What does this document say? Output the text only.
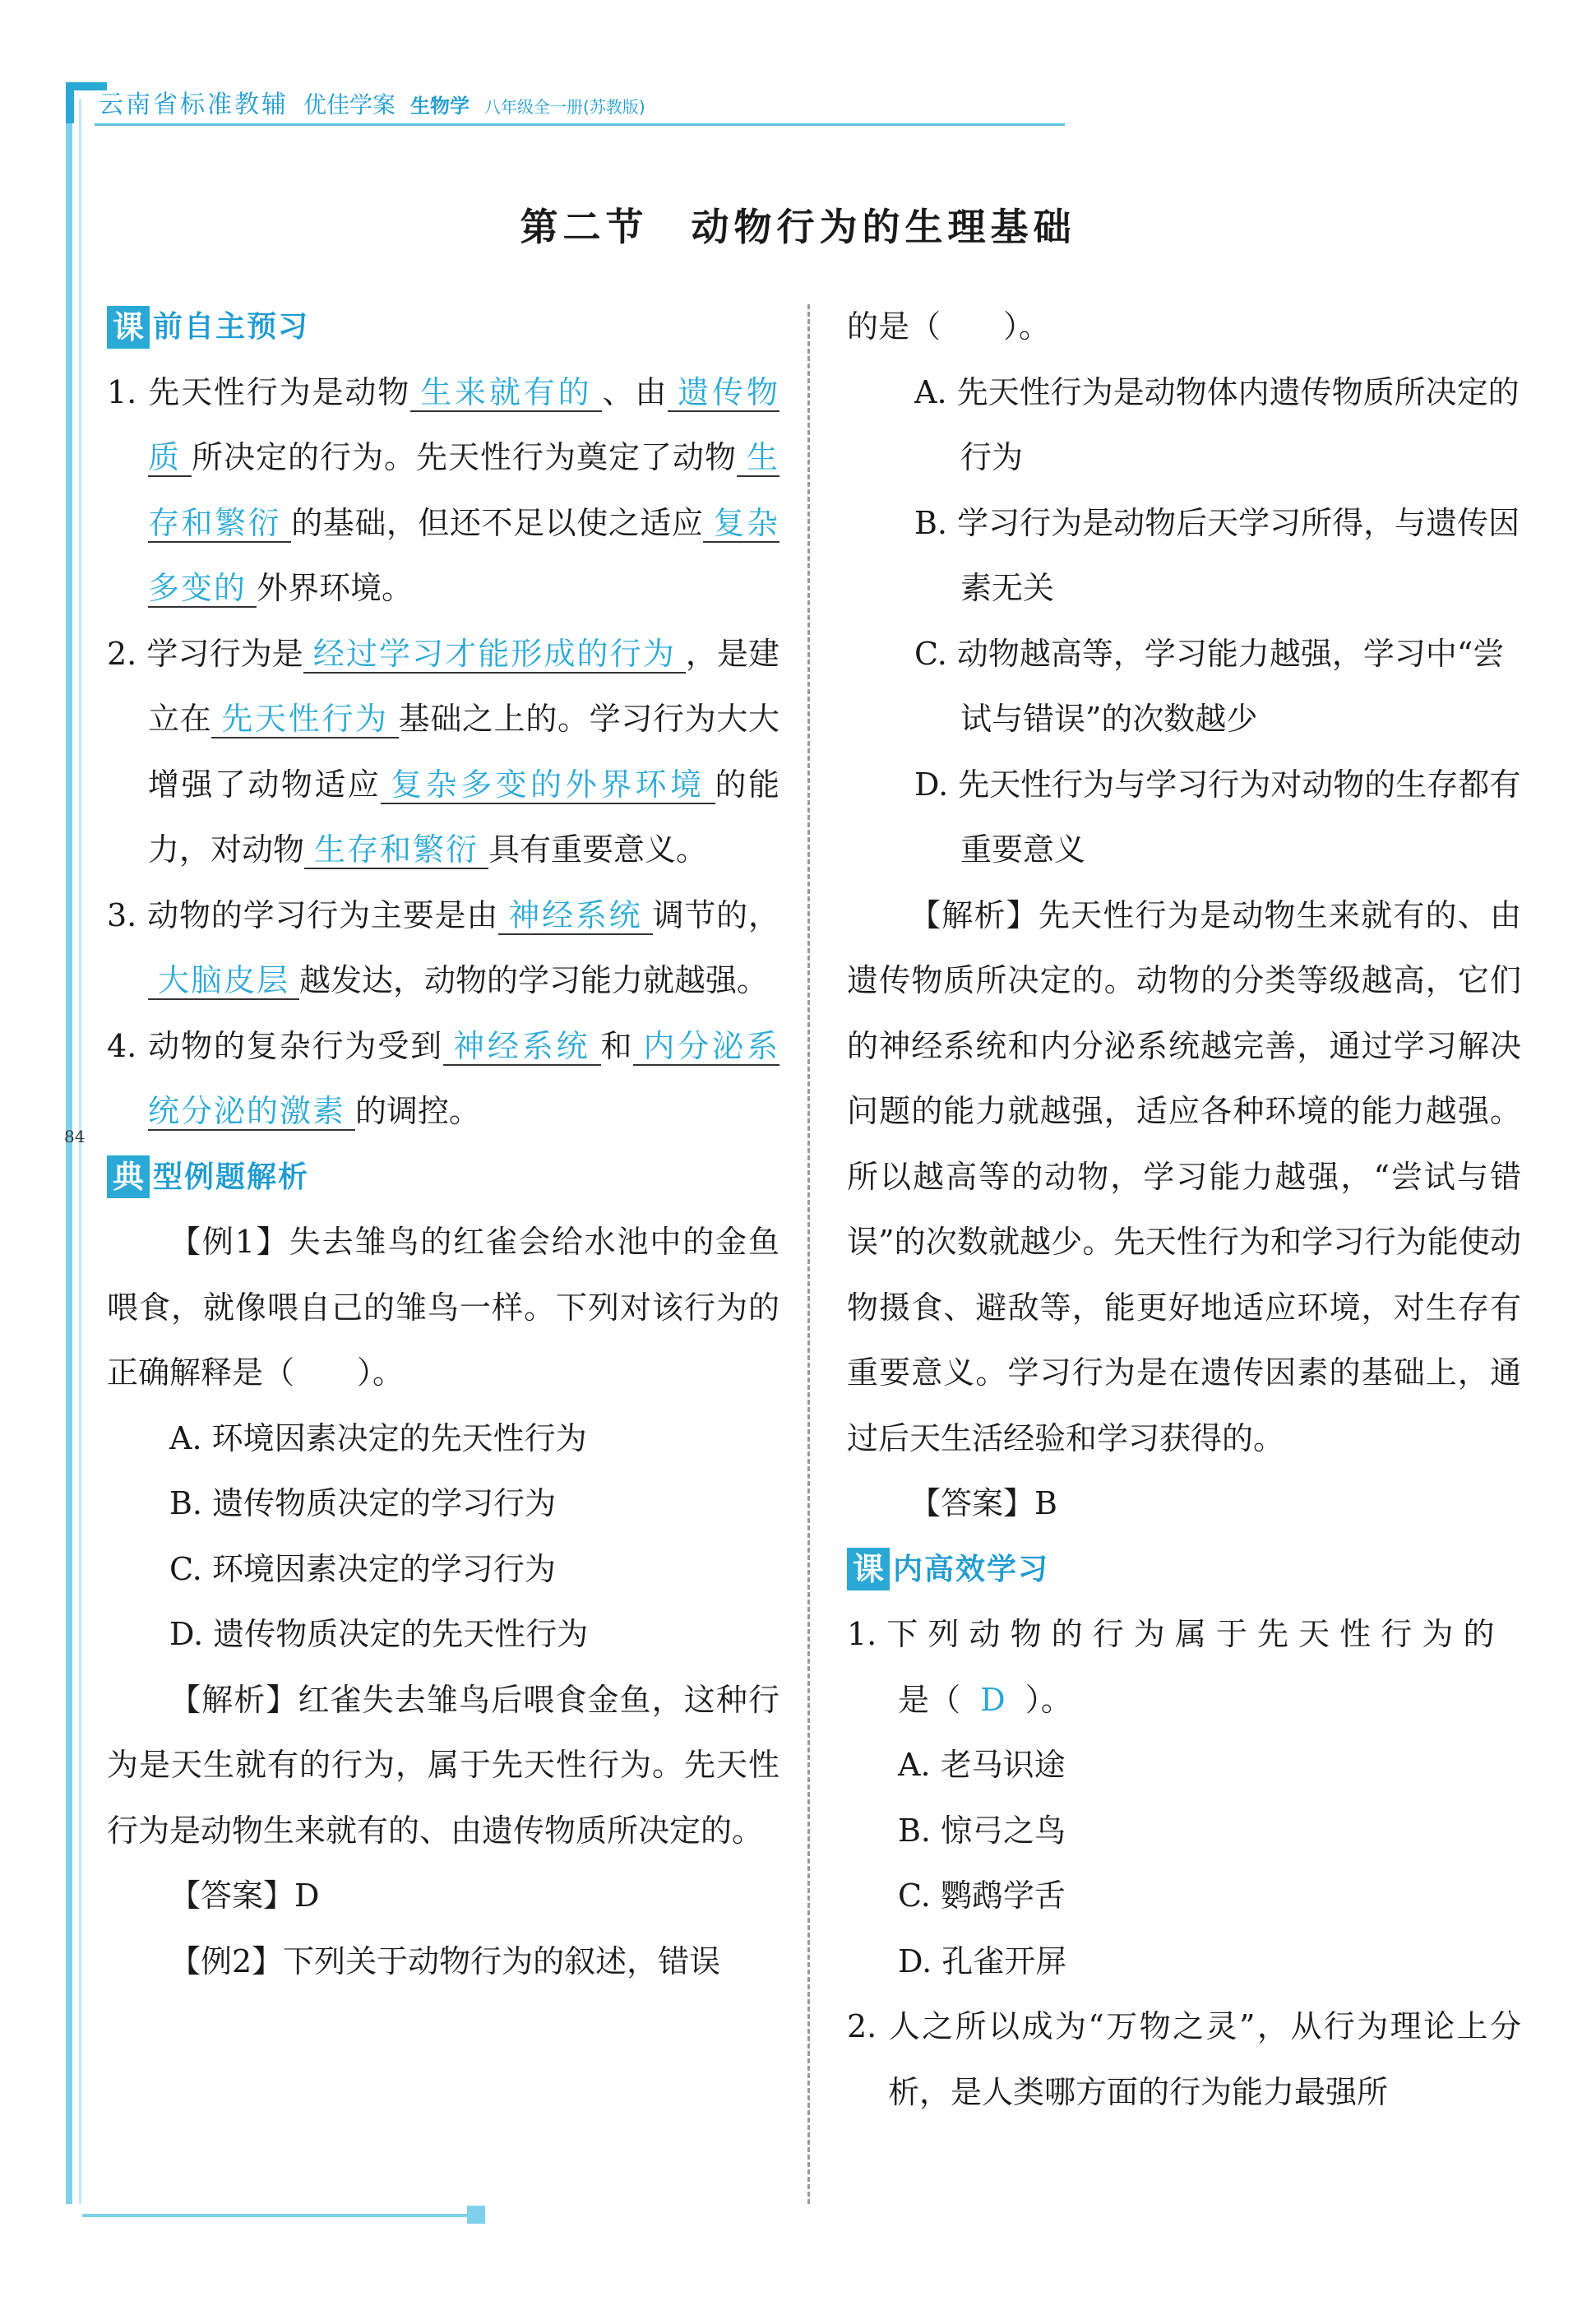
84
云南省标准教辅 优佳学案 生物学 八年级全一册(苏教版)
第二节　动物行为的生理基础
课 前自主预习

1. 先天性行为是动物 生来就有的 、由 遗传物质 所决定的行为。先天性行为奠定了动物 生存和繁衍 的基础，但还不足以使之适应 复杂多变的 外界环境。

2. 学习行为是 经过学习才能形成的行为 ，是建立在 先天性行为 基础之上的。学习行为大大增强了动物适应 复杂多变的外界环境 的能力，对动物 生存和繁衍 具有重要意义。

3. 动物的学习行为主要是由 神经系统 调节的，大脑皮层 越发达，动物的学习能力就越强。

4. 动物的复杂行为受到 神经系统 和 内分泌系统分泌的激素 的调控。

典 型例题解析

【例1】失去雏鸟的红雀会给水池中的金鱼喂食，就像喂自己的雏鸟一样。下列对该行为的正确解释是（　　）。

A. 环境因素决定的先天性行为

B. 遗传物质决定的学习行为

C. 环境因素决定的学习行为

D. 遗传物质决定的先天性行为

【解析】红雀失去雏鸟后喂食金鱼，这种行为是天生就有的行为，属于先天性行为。先天性行为是动物生来就有的、由遗传物质所决定的。

【答案】D

【例2】下列关于动物行为的叙述，错误

的是（　　）。

A. 先天性行为是动物体内遗传物质所决定的行为

B. 学习行为是动物后天学习所得，与遗传因素无关

C. 动物越高等，学习能力越强，学习中“尝试与错误”的次数越少

D. 先天性行为与学习行为对动物的生存都有重要意义

【解析】先天性行为是动物生来就有的、由遗传物质所决定的。动物的分类等级越高，它们的神经系统和内分泌系统越完善，通过学习解决问题的能力就越强，适应各种环境的能力越强。所以越高等的动物，学习能力越强，“尝试与错误”的次数就越少。先天性行为和学习行为能使动物摄食、避敌等，能更好地适应环境，对生存有重要意义。学习行为是在遗传因素的基础上，通过后天生活经验和学习获得的。

【答案】B

课 内高效学习

1. 下 列 动 物 的 行 为 属 于 先 天 性 行 为 的

是（ D ）。

A. 老马识途

B. 惊弓之鸟

C. 鹦鹉学舌

D. 孔雀开屏

2. 人之所以成为“万物之灵”，从行为理论上分析，是人类哪方面的行为能力最强所
